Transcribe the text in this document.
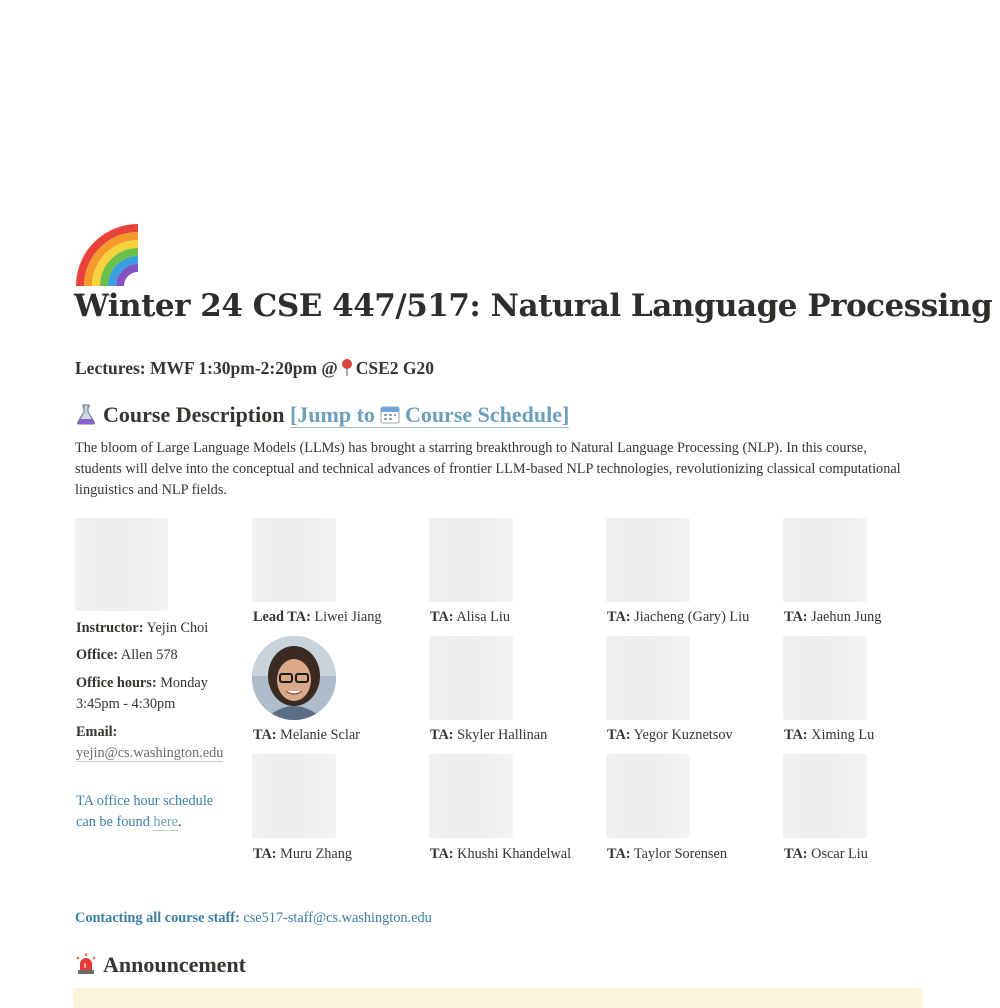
Winter 24 CSE 447/517: Natural Language Processing

Lectures: MWF 1:30pm-2:20pm @ CSE2 G20

Course Description [Jump to Course Schedule]

The bloom of Large Language Models (LLMs) has brought a starring breakthrough to Natural Language Processing (NLP). In this course, students will delve into the conceptual and technical advances of frontier LLM-based NLP technologies, revolutionizing classical computational linguistics and NLP fields.

Instructor: Yejin Choi

Office: Allen 578

Office hours: Monday 3:45pm - 4:30pm

Email:
yejin@cs.washington.edu

TA office hour schedule can be found here.

Lead TA: Liwei Jiang	TA: Alisa Liu	TA: Jiacheng (Gary) Liu TA: Jaehun Jung
TA: Melanie Sclar	TA: Skyler Hallinan	TA: Yegor Kuznetsov	TA: Ximing Lu
TA: Muru Zhang	TA: Khushi Khandelwal	TA: Taylor Sorensen	TA: Oscar Liu
Contacting all course staff: cse517-staff@cs.washington.edu
Announcement
